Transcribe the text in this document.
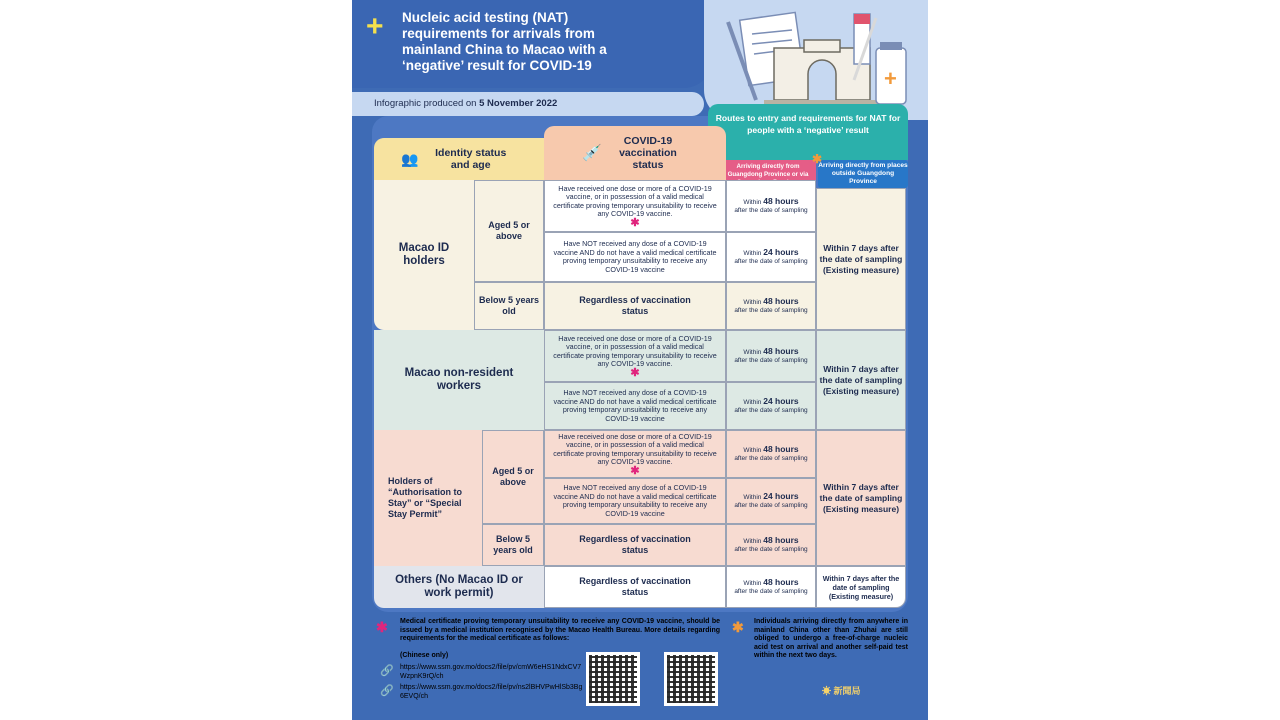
+ Nucleic acid testing (NAT) requirements for arrivals from mainland China to Macao with a ‘negative’ result for COVID-19
+
Infographic produced on 5 November 2022
Routes to entry and requirements for NAT for people with a ‘negative’ result
Arriving directly from Guangdong Province or via
Arriving directly from places outside Guangdong Province
✱
👥	Identity status and age
💉
COVID-19 vaccination status
Macao ID holders
Aged 5 or above
Below 5 years old
Have received one dose or more of a COVID-19 vaccine, or in possession of a valid medical certificate proving temporary unsuitability to receive any COVID-19 vaccine.
✱
Have NOT received any dose of a COVID-19 vaccine AND do not have a valid medical certificate proving temporary unsuitability to receive any COVID-19 vaccine
Regardless of vaccination status
Within 48 hours
after the date of sampling
Within 24 hours
after the date of sampling
Within 48 hours
after the date of sampling
Within 7 days after the date of sampling (Existing measure)
Macao non-resident workers
Have received one dose or more of a COVID-19 vaccine, or in possession of a valid medical certificate proving temporary unsuitability to receive any COVID-19 vaccine.
✱
Have NOT received any dose of a COVID-19 vaccine AND do not have a valid medical certificate proving temporary unsuitability to receive any COVID-19 vaccine
Within 48 hours
after the date of sampling
Within 24 hours
after the date of sampling
Within 7 days after the date of sampling (Existing measure)
Holders of “Authorisation to Stay” or “Special Stay Permit”
Aged 5 or above
Below 5 years old
Have received one dose or more of a COVID-19 vaccine, or in possession of a valid medical certificate proving temporary unsuitability to receive any COVID-19 vaccine.
✱
Have NOT received any dose of a COVID-19 vaccine AND do not have a valid medical certificate proving temporary unsuitability to receive any COVID-19 vaccine
Regardless of vaccination status
Within 48 hours
after the date of sampling
Within 24 hours
after the date of sampling
Within 48 hours
after the date of sampling
Within 7 days after the date of sampling (Existing measure)
Others (No Macao ID or work permit)
Regardless of vaccination status
Within 48 hours
after the date of sampling
Within 7 days after the date of sampling (Existing measure)
✱ Medical certificate proving temporary unsuitability to receive any COVID-19 vaccine, should be issued by a medical institution recognised by the Macao Health Bureau. More details regarding requirements for the medical certificate as follows:
(Chinese only)
🔗 https://www.ssm.gov.mo/docs2/file/pv/cmW6eHS1NdxCV7WzpnK9rQ/ch
🔗 https://www.ssm.gov.mo/docs2/file/pv/ns2lBHVPwHlSb3Bg6EVQ/ch
✱ Individuals arriving directly from anywhere in mainland China other than Zhuhai are still obliged to undergo a free-of-charge nucleic acid test on arrival and another self-paid test within the next two days.
☀ 新聞局
